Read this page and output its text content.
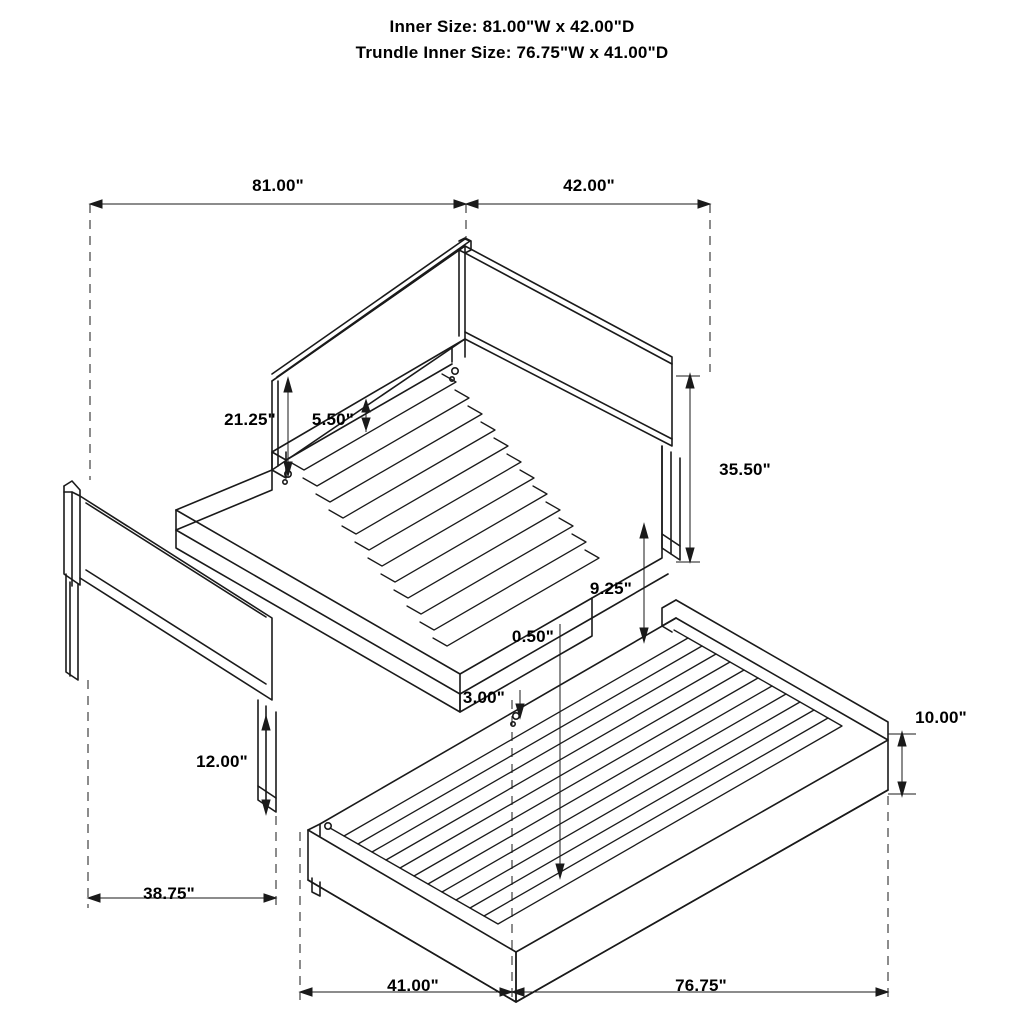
Inner Size: 81.00"W x 42.00"D
Trundle Inner Size: 76.75"W x 41.00"D
81.00"	42.00"
21.25" 5.50"
35.50"
9.25"
0.50"
3.00"
10.00"
12.00"
38.75"
41.00"	76.75"
